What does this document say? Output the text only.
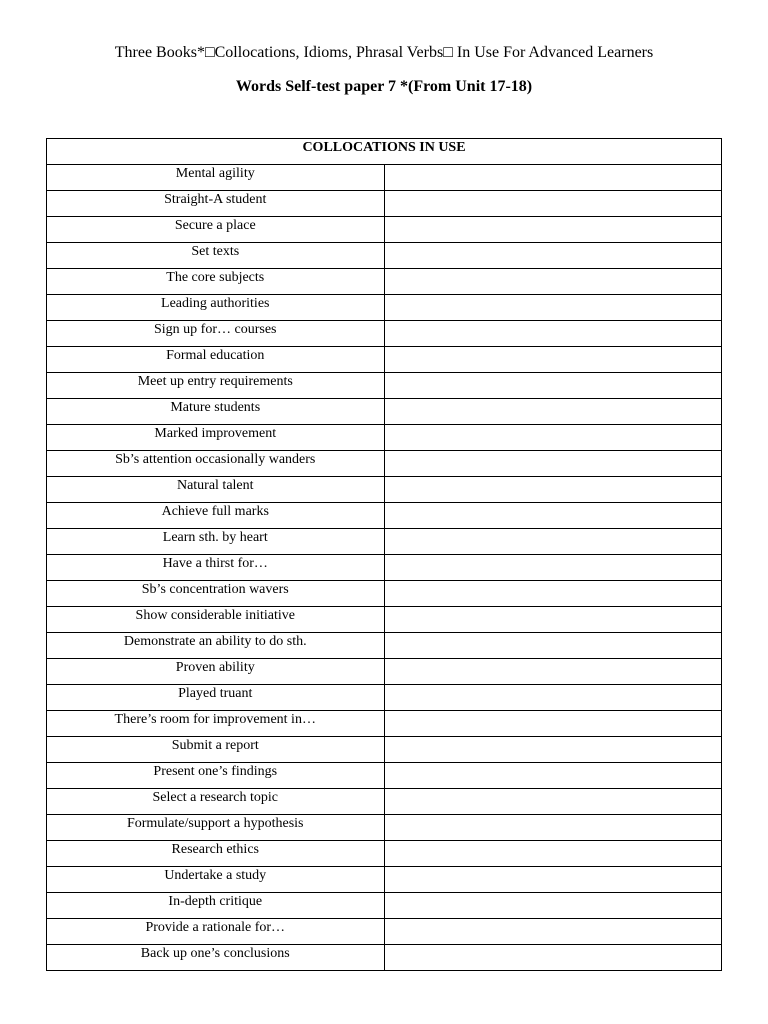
Three Books*□Collocations, Idioms, Phrasal Verbs□ In Use For Advanced Learners
Words Self-test paper 7 *(From Unit 17-18)
COLLOCATIONS IN USE	
Mental agility	
Straight-A student	
Secure a place	
Set texts	
The core subjects	
Leading authorities	
Sign up for… courses	
Formal education	
Meet up entry requirements	
Mature students	
Marked improvement	
Sb’s attention occasionally wanders	
Natural talent	
Achieve full marks	
Learn sth. by heart	
Have a thirst for…	
Sb’s concentration wavers	
Show considerable initiative	
Demonstrate an ability to do sth.	
Proven ability	
Played truant	
There’s room for improvement in…	
Submit a report	
Present one’s findings	
Select a research topic	
Formulate/support a hypothesis	
Research ethics	
Undertake a study	
In-depth critique	
Provide a rationale for…	
Back up one’s conclusions	
